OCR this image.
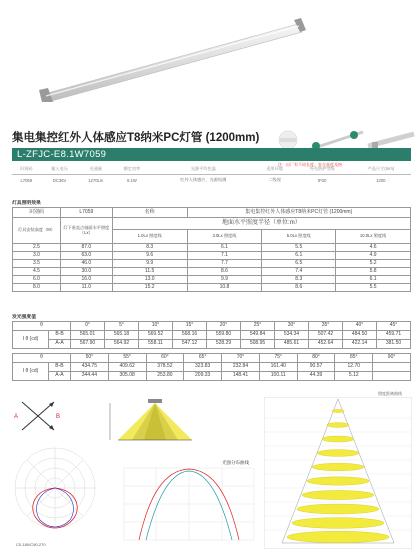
注：出厂有不同长度，安全高度及格
集电集控红外人体感应T8纳米PC灯管 (1200mm)
L-ZFJC-E8.1W7059
识别码	输入电压	光通量	额定功率	光源平均色温	适用环境	外壳防护等级	产品尺寸(mm)
L7059	DC36V	1270Lm	8.1W	红外人体感应、光源检测	二级视	IP20	1200
灯具照明效果
识别码	L7059	名称	集电集控红外人体感应T8纳米PC灯管 (1200mm)		
灯具安装高度（M）	灯下垂直点轴面水平照度（Lx）	地面水平照度半径（单位:m）			
		1.0Lx 照度线	3.0Lx 照度线	5.0Lx 照度线	10.0Lx 照度线
2.5	87.0	8.3	6.1	5.5	4.6
3.0	63.0	9.6	7.1	6.1	4.9
3.5	46.0	9.9	7.7	6.5	5.2
4.5	30.0	11.5	8.6	7.4	5.8
6.0	16.0	13.0	9.9	8.3	6.1
8.0	11.0	15.2	10.8	8.6	5.5
发光强度值
θ		0°	5°	10°	15°	20°	25°	30°	35°	40°	45°
I θ (cd)	B-B	565.01	565.18	569.52	568.16	559.80	549.84	534.34	507.42	484.50	459.71
	A-A	567.90	564.92	558.11	547.12	528.29	508.95	485.61	452.64	422.14	381.50
θ		50°	55°	60°	65°	70°	75°	80°	85°	90°
I θ (cd)	B-B	434.75	409.62	378.52	323.83	232.84	161.40	90.57	12.70	
	A-A	344.44	305.08	253.80	209.33	148.41	100.11	44.39	5.12	
A	B
C0-180/C90-270
光强分布曲线
照度距离曲线
